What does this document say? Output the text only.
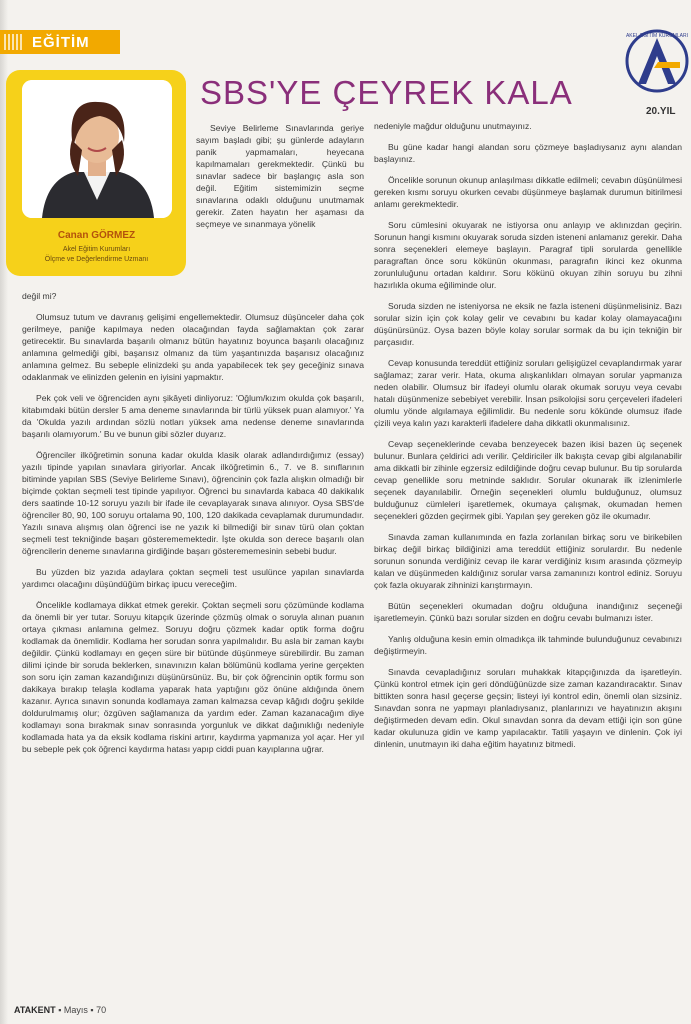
EĞİTİM
Canan GÖRMEZ
Akel Eğitim Kurumları
Ölçme ve Değerlendirme Uzmanı
SBS'YE ÇEYREK KALA
AKEL EĞİTİM KURUMLARI
20.YIL

Seviye Belirleme Sınavlarında geriye sayım başladı gibi; şu günlerde adayların panik yapmamaları, heyecana kapılmamaları gerekmektedir. Çünkü bu sınavlar sadece bir başlangıç asla son değil. Eğitim sistemimizin seçme sınavlarına odaklı olduğunu unutmamak gerekir. Zaten hayatın her aşaması da seçmeye ve sınanmaya yönelik

değil mi?

Olumsuz tutum ve davranış gelişimi engellemektedir. Olumsuz düşünceler daha çok gerilmeye, paniğe kapılmaya neden olacağından fayda sağlamaktan çok zarar getirecektir. Bu sınavlarda başarılı olmanız bütün hayatınız boyunca başarılı olacağınız anlamına gelmediği gibi, başarısız olmanız da tüm yaşantınızda başarısız olacağınız anlamına gelmez. Bu sebeple elinizdeki şu anda yapabilecek tek şey geceğiniz sınava odaklanmak ve elinizden gelenin en iyisini yapmaktır.

Pek çok veli ve öğrenciden aynı şikâyeti dinliyoruz: 'Oğlum/kızım okulda çok başarılı, kitabımdaki bütün dersler 5 ama deneme sınavlarında bir türlü yüksek puan alamıyor.' Ya da 'Okulda yazılı ardından sözlü notları yüksek ama nedense deneme sınavlarında başarılı olamıyorum.' Bu ve bunun gibi sözler duyarız.

Öğrenciler ilköğretimin sonuna kadar okulda klasik olarak adlandırdığımız (essay) yazılı tipinde yapılan sınavlara giriyorlar. Ancak ilköğretimin 6., 7. ve 8. sınıflarının bitiminde yapılan SBS (Seviye Belirleme Sınavı), öğrencinin çok fazla alışkın olmadığı bir biçimde çoktan seçmeli test tipinde yapılıyor. Öğrenci bu sınavlarda kabaca 40 dakikalık ders saatinde 10-12 soruyu yazılı bir ifade ile cevaplayarak sınava alınıyor. Oysa SBS'de öğrenciler 80, 90, 100 soruyu ortalama 90, 100, 120 dakikada cevaplamak durumundadır. Yazılı sınava alışmış olan öğrenci ise ne yazık ki bilmediği bir sınav türü olan çoktan seçmeli test tekniğinde başarı gösterememektedir. İşte okulda son derece başarılı olan öğrencilerin deneme sınavlarına girdiğinde başarı gösterememesinin sebebi budur.

Bu yüzden biz yazıda adaylara çoktan seçmeli test usulünce yapılan sınavlarda yardımcı olacağını düşündüğüm birkaç ipucu vereceğim.

Öncelikle kodlamaya dikkat etmek gerekir. Çoktan seçmeli soru çözümünde kodlama da önemli bir yer tutar. Soruyu kitapçık üzerinde çözmüş olmak o soruyla alınan puanın ortaya çıkması anlamına gelmez. Soruyu doğru çözmek kadar optik forma doğru kodlamak da önemlidir. Kodlama her sorudan sonra yapılmalıdır. Bu asla bir zaman kaybı değildir. Çünkü kodlamayı en geçen süre bir bütünde düşünmeye sürebilirdir. Bu zaman dilimi içinde bir soruda beklerken, sınavınızın kalan bölümünü kodlama yerine gerçekten son soru için zaman kazandığınızı düşünürsünüz. Bu, bir çok öğrencinin optik formu son dakikaya bırakıp telaşla kodlama yaparak hata yaptığını göz önüne aldığında önem kazanır. Ayrıca sınavın sonunda kodlamaya zaman kalmazsa cevap kâğıdı doğru şekilde doldurulmamış olur; özgüven sağlamanıza da yardım eder. Zaman kazanacağım diye kodlamayı sona bırakmak sınav sonrasında yorgunluk ve dikkat dağınıklığı nedeniyle kodlamada hata ya da eksik kodlama riskini artırır, kaydırma yapmanıza yol açar. Her yıl bu sebeple pek çok öğrenci kaydırma hatası yapıp ciddi puan kayıplarına uğrar.

nedeniyle mağdur olduğunu unutmayınız.

Bu güne kadar hangi alandan soru çözmeye başladıysanız aynı alandan başlayınız.

Öncelikle sorunun okunup anlaşılması dikkatle edilmeli; cevabın düşünülmesi gereken kısmı soruyu okurken cevabı düşünmeye başlamak durumun bitirilmesi anlamı gerekmektedir.

Soru cümlesini okuyarak ne istiyorsa onu anlayıp ve aklınızdan geçirin. Sorunun hangi kısmını okuyarak soruda sizden isteneni anlamanız gerekir. Daha sonra seçenekleri elemeye başlayın. Paragraf tipli sorularda genellikle paragraftan önce soru kökünün okunması, paragrafın ikinci kez okunma zorunluluğunu ortadan kaldırır. Soru kökünü okuyan zihin soruyu bu zihni hazırlıkla okuma eğiliminde olur.

Soruda sizden ne isteniyorsa ne eksik ne fazla isteneni düşünmelisiniz. Bazı sorular sizin için çok kolay gelir ve cevabını bu kadar kolay olamayacağını düşünürsünüz. Oysa bazen böyle kolay sorular sormak da bu için tekniğin bir parçasıdır.

Cevap konusunda tereddüt ettiğiniz soruları gelişigüzel cevaplandırmak yarar sağlamaz; zarar verir. Hata, okuma alışkanlıkları olmayan sorular yapmanıza neden olabilir. Olumsuz bir ifadeyi olumlu olarak okumak soruyu veya cevabı hatalı düşünmenize sebebiyet verebilir. İnsan psikolojisi soru çerçeveleri ifadeleri olumlu yönde algılamaya eğilimlidir. Bu nedenle soru kökünde olumsuz ifade çizili veya kalın yazı karakterli ifadelere daha dikkatli okunmalısınız.

Cevap seçeneklerinde cevaba benzeyecek bazen ikisi bazen üç seçenek bulunur. Bunlara çeldirici adı verilir. Çeldiriciler ilk bakışta cevap gibi algılanabilir ama dikkatli bir zihinle egzersiz edildiğinde doğru cevap bulunur. Bu tip sorularda cevap genellikle soru metninde saklıdır. Sorular okunarak ilk izlenimlerle seçenek dayanılabilir. Örneğin seçenekleri olumlu bulduğunuz, olumsuz bulduğunuz cümleleri işaretlemek, okumaya çalışmak, okumadan hemen seçenekleri gözden geçirmek gibi. Yapılan şey gereken göz ile okumadır.

Sınavda zaman kullanımında en fazla zorlanılan birkaç soru ve birikebilen birkaç değil birkaç bildiğinizi ama tereddüt ettiğiniz sorulardır. Bu nedenle sorunun sonunda verdiğiniz cevap ile karar verdiğiniz kısım arasında çözmeyip kalan ve düşünmeden kaldığınız sorular varsa zamanınızı kontrol ediniz. Soruyu çok fazla okuyarak zihninizi karıştırmayın.

Bütün seçenekleri okumadan doğru olduğuna inandığınız seçeneği işaretlemeyin. Çünkü bazı sorular sizden en doğru cevabı bulmanızı ister.

Yanlış olduğuna kesin emin olmadıkça ilk tahminde bulunduğunuz cevabınızı değiştirmeyin.

Sınavda cevapladığınız soruları muhakkak kitapçığınızda da işaretleyin. Çünkü kontrol etmek için geri döndüğünüzde size zaman kazandıracaktır. Sınav bittikten sonra hasıl geçerse geçsin; listeyi iyi kontrol edin, önemli olan sizsiniz. Sınavdan sonra ne yapmayı planladıysanız, planlarınızı ve hayatınızın akışını değiştirmeden devam edin. Okul sınavdan sonra da devam ettiği için son güne kadar okulunuza gidin ve kamp yapılacaktır. Tatili yaşayın ve dinlenin. Çok iyi dinlenin, unutmayın iki daha eğitim hayatınız bitmedi.

ATAKENT ▪ Mayıs ▪ 70
